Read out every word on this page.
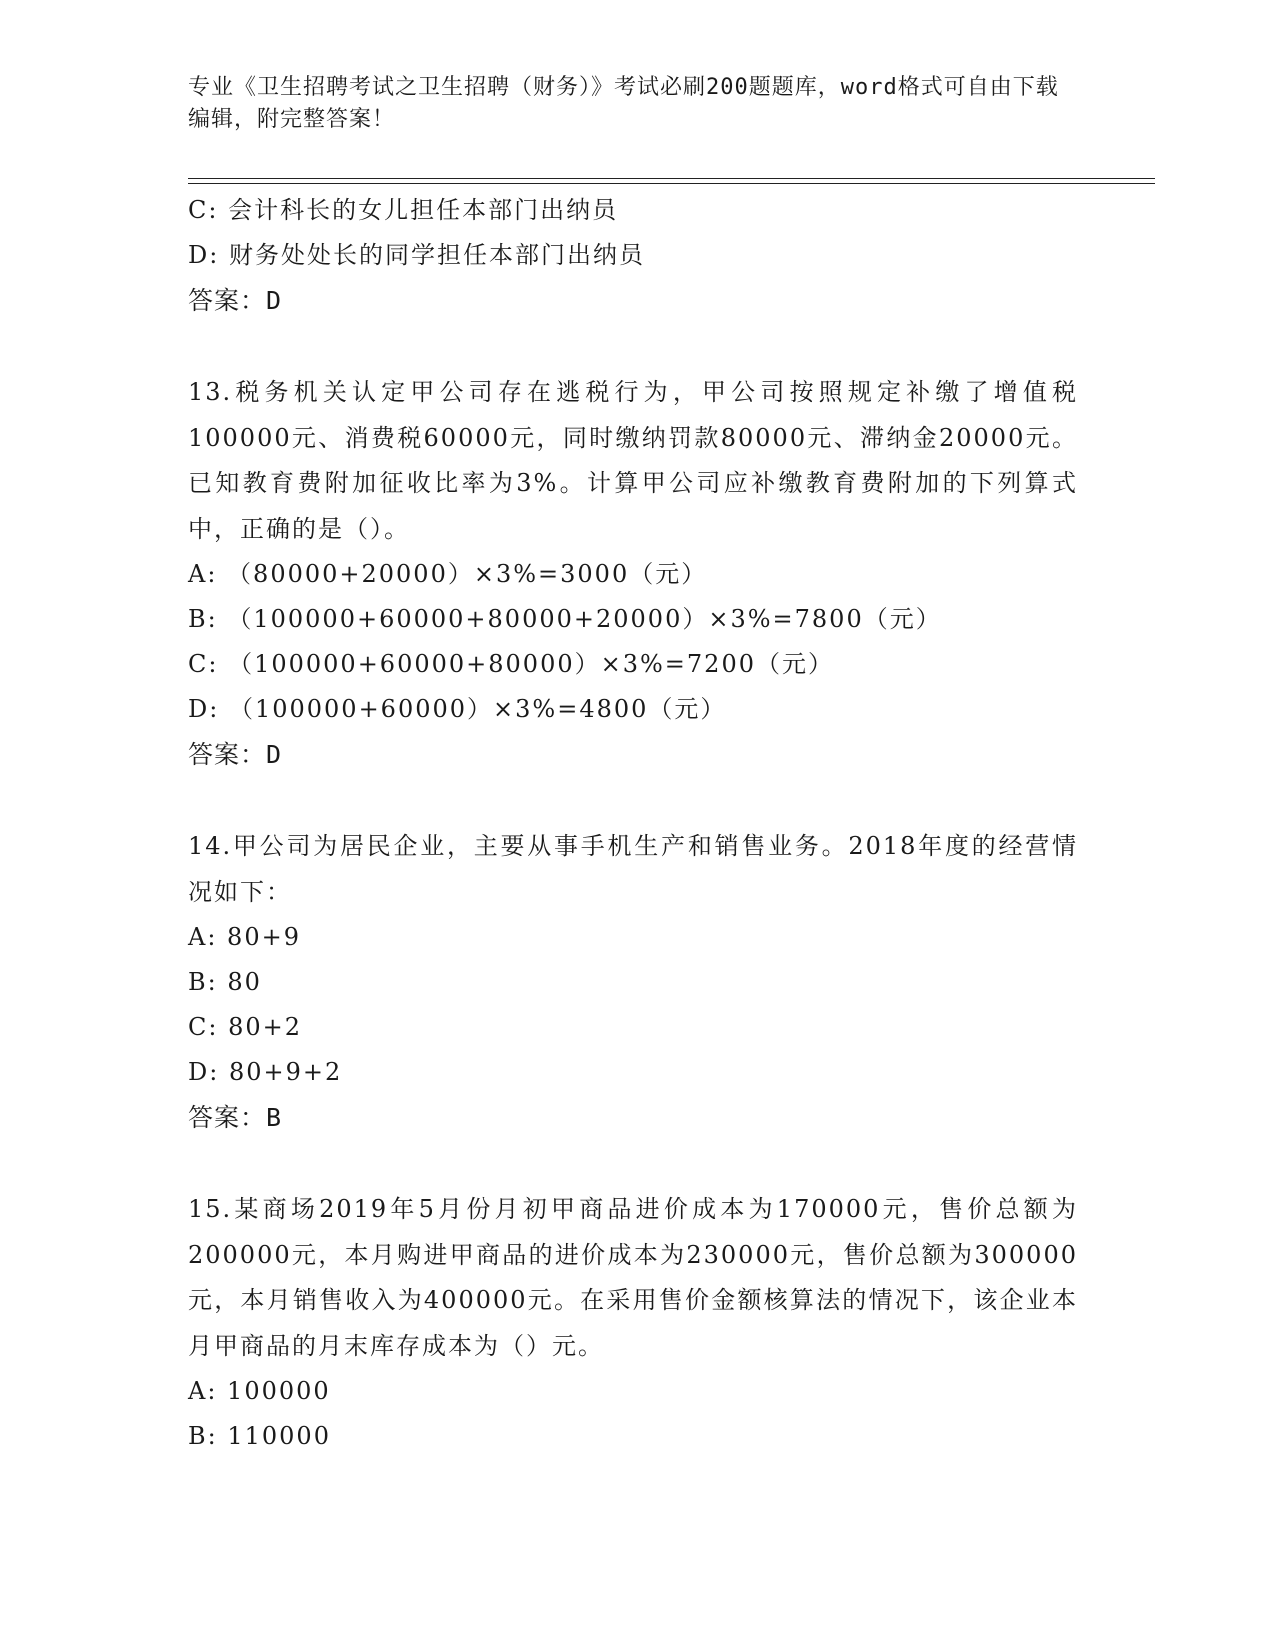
专业《卫生招聘考试之卫生招聘（财务）》考试必刷200题题库，word格式可自由下载编辑，附完整答案！
C: 会计科长的女儿担任本部门出纳员
D: 财务处处长的同学担任本部门出纳员
答案：D
13.税务机关认定甲公司存在逃税行为，甲公司按照规定补缴了增值税100000元、消费税60000元，同时缴纳罚款80000元、滞纳金20000元。已知教育费附加征收比率为3%。计算甲公司应补缴教育费附加的下列算式中，正确的是（）。
A: （80000+20000）×3%=3000（元）
B: （100000+60000+80000+20000）×3%=7800（元）
C: （100000+60000+80000）×3%=7200（元）
D: （100000+60000）×3%=4800（元）
答案：D
14.甲公司为居民企业，主要从事手机生产和销售业务。2018年度的经营情况如下：
A: 80+9
B: 80
C: 80+2
D: 80+9+2
答案：B
15.某商场2019年5月份月初甲商品进价成本为170000元，售价总额为200000元，本月购进甲商品的进价成本为230000元，售价总额为300000元，本月销售收入为400000元。在采用售价金额核算法的情况下，该企业本月甲商品的月末库存成本为（）元。
A: 100000
B: 110000
